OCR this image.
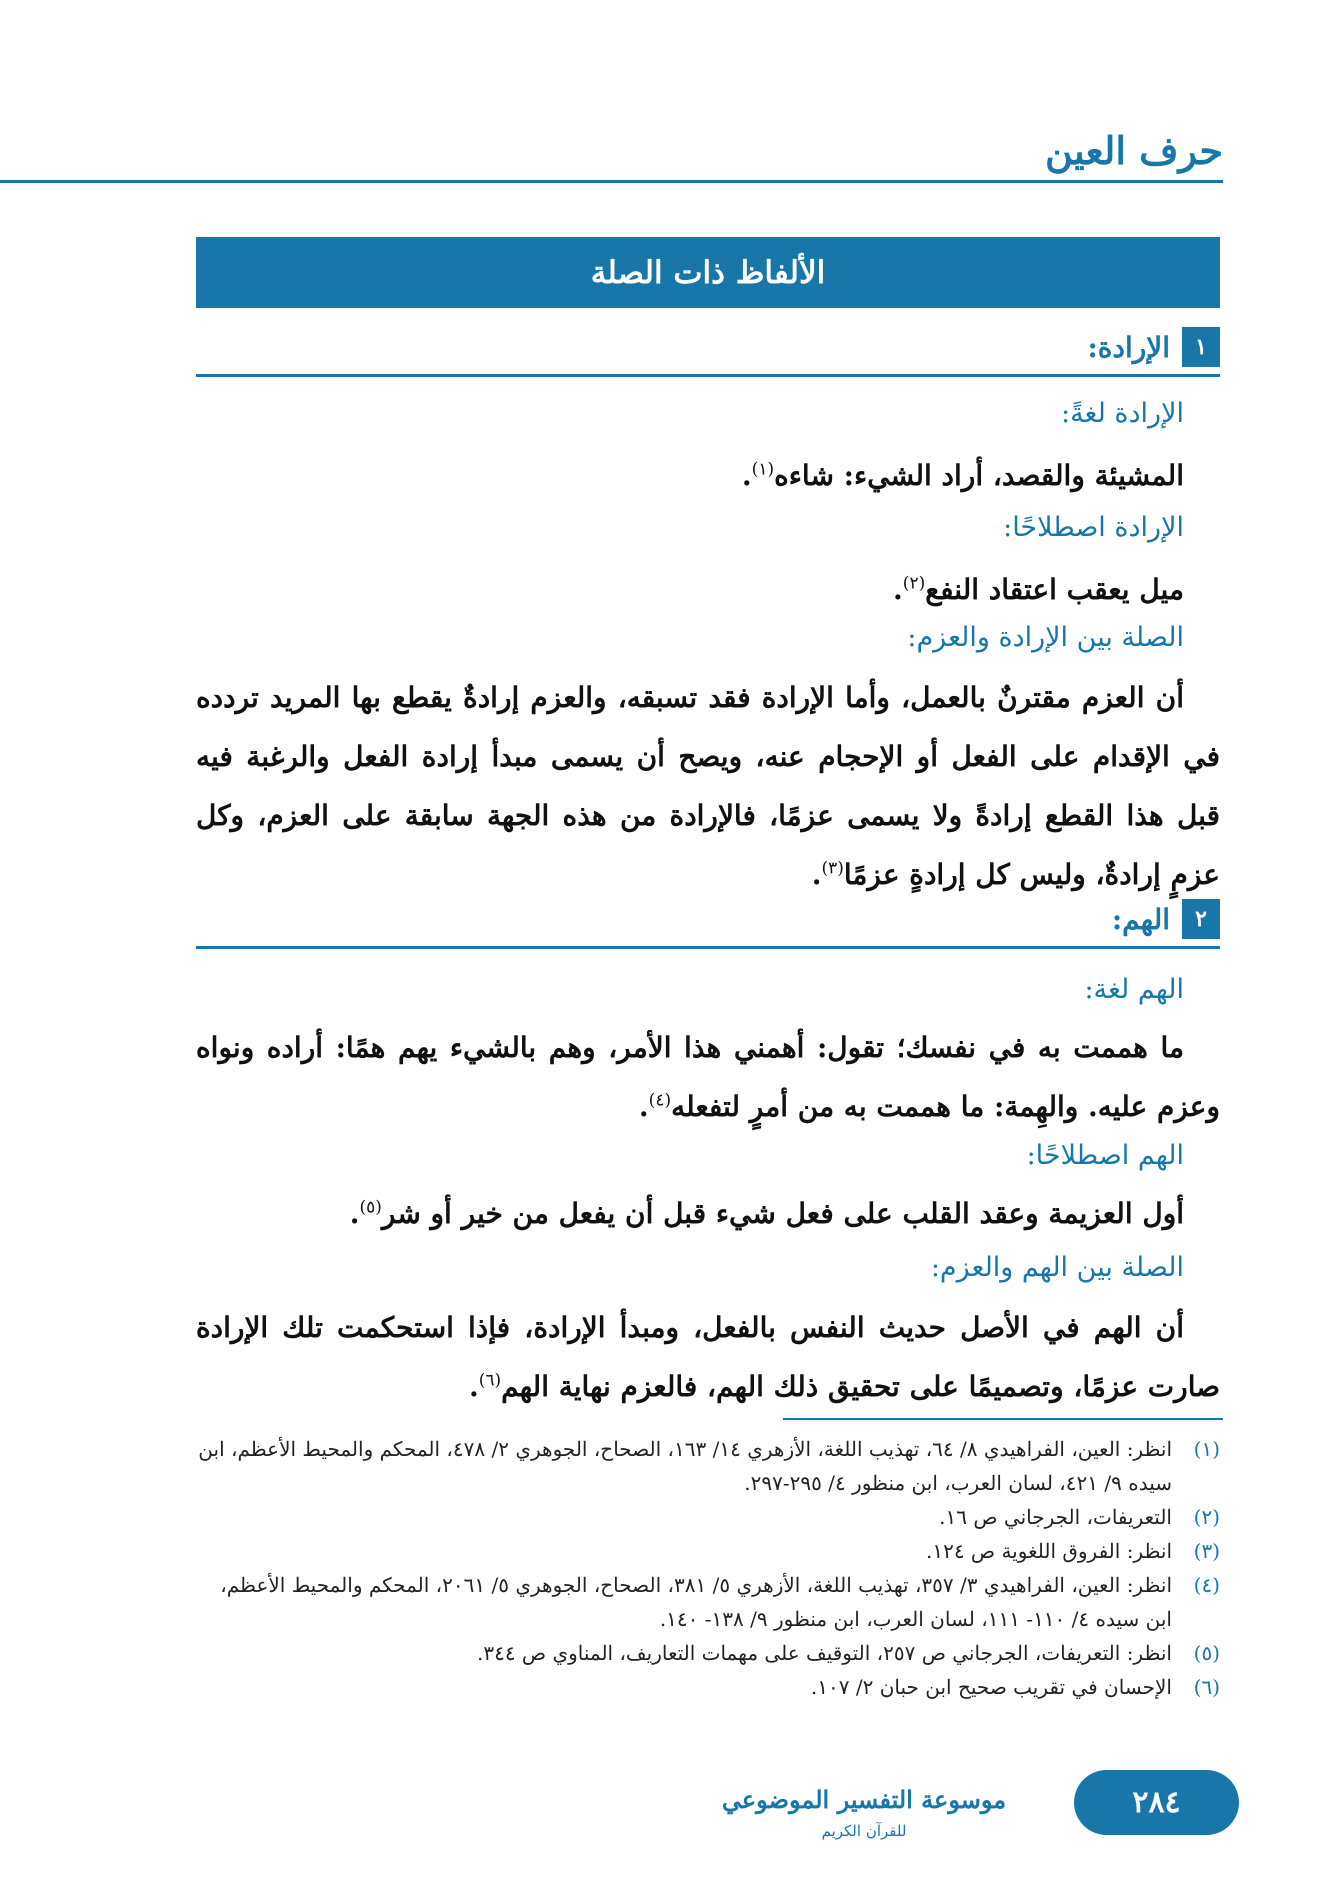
حرف العين
الألفاظ ذات الصلة
١
الإرادة:
الإرادة لغةً:
المشيئة والقصد، أراد الشيء: شاءه$^{(١)}$.
الإرادة اصطلاحًا:
ميل يعقب اعتقاد النفع$^{(٢)}$.
الصلة بين الإرادة والعزم:
أن العزم مقترنٌ بالعمل، وأما الإرادة فقد تسبقه، والعزم إرادةٌ يقطع بها المريد تردده في الإقدام على الفعل أو الإحجام عنه، ويصح أن يسمى مبدأ إرادة الفعل والرغبة فيه قبل هذا القطع إرادةً ولا يسمى عزمًا، فالإرادة من هذه الجهة سابقة على العزم، وكل عزمٍ إرادةٌ، وليس كل إرادةٍ عزمًا$^{(٣)}$.
٢
الهم:
الهم لغة:
ما هممت به في نفسك؛ تقول: أهمني هذا الأمر، وهم بالشيء يهم همًا: أراده ونواه وعزم عليه. والهِمة: ما هممت به من أمرٍ لتفعله$^{(٤)}$.
الهم اصطلاحًا:
أول العزيمة وعقد القلب على فعل شيء قبل أن يفعل من خير أو شر$^{(٥)}$.
الصلة بين الهم والعزم:
أن الهم في الأصل حديث النفس بالفعل، ومبدأ الإرادة، فإذا استحكمت تلك الإرادة صارت عزمًا، وتصميمًا على تحقيق ذلك الهم، فالعزم نهاية الهم$^{(٦)}$.
(١)
انظر: العين، الفراهيدي ٨/ ٦٤، تهذيب اللغة، الأزهري ١٤/ ١٦٣، الصحاح، الجوهري ٢/ ٤٧٨، المحكم والمحيط الأعظم، ابن سيده ٩/ ٤٢١، لسان العرب، ابن منظور ٤/ ٢٩٥-٢٩٧.
(٢)
التعريفات، الجرجاني ص ١٦.
(٣)
انظر: الفروق اللغوية ص ١٢٤.
(٤)
انظر: العين، الفراهيدي ٣/ ٣٥٧، تهذيب اللغة، الأزهري ٥/ ٣٨١، الصحاح، الجوهري ٥/ ٢٠٦١، المحكم والمحيط الأعظم، ابن سيده ٤/ ١١٠- ١١١، لسان العرب، ابن منظور ٩/ ١٣٨- ١٤٠.
(٥)
انظر: التعريفات، الجرجاني ص ٢٥٧، التوقيف على مهمات التعاريف، المناوي ص ٣٤٤.
(٦)
الإحسان في تقريب صحيح ابن حبان ٢/ ١٠٧.
٢٨٤
موسوعة التفسير الموضوعي
للقرآن الكريم
